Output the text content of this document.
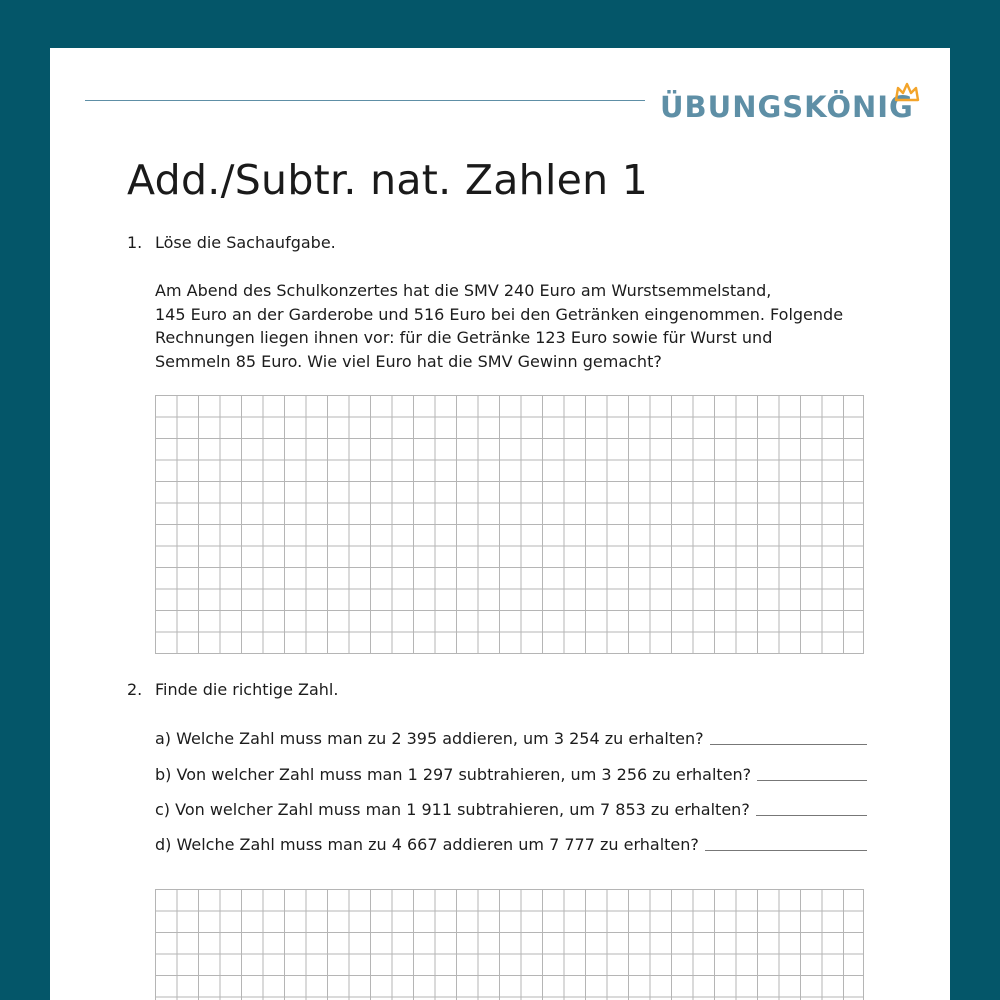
ÜBUNGSKÖNIG
Add./Subtr. nat. Zahlen 1
1. Löse die Sachaufgabe.
Am Abend des Schulkonzertes hat die SMV 240 Euro am Wurstsemmelstand,
145 Euro an der Garderobe und 516 Euro bei den Getränken eingenommen. Folgende
Rechnungen liegen ihnen vor: für die Getränke 123 Euro sowie für Wurst und
Semmeln 85 Euro. Wie viel Euro hat die SMV Gewinn gemacht?
2. Finde die richtige Zahl.
a) Welche Zahl muss man zu 2 395 addieren, um 3 254 zu erhalten?
b) Von welcher Zahl muss man 1 297 subtrahieren, um 3 256 zu erhalten?
c) Von welcher Zahl muss man 1 911 subtrahieren, um 7 853 zu erhalten?
d) Welche Zahl muss man zu 4 667 addieren um 7 777 zu erhalten?
